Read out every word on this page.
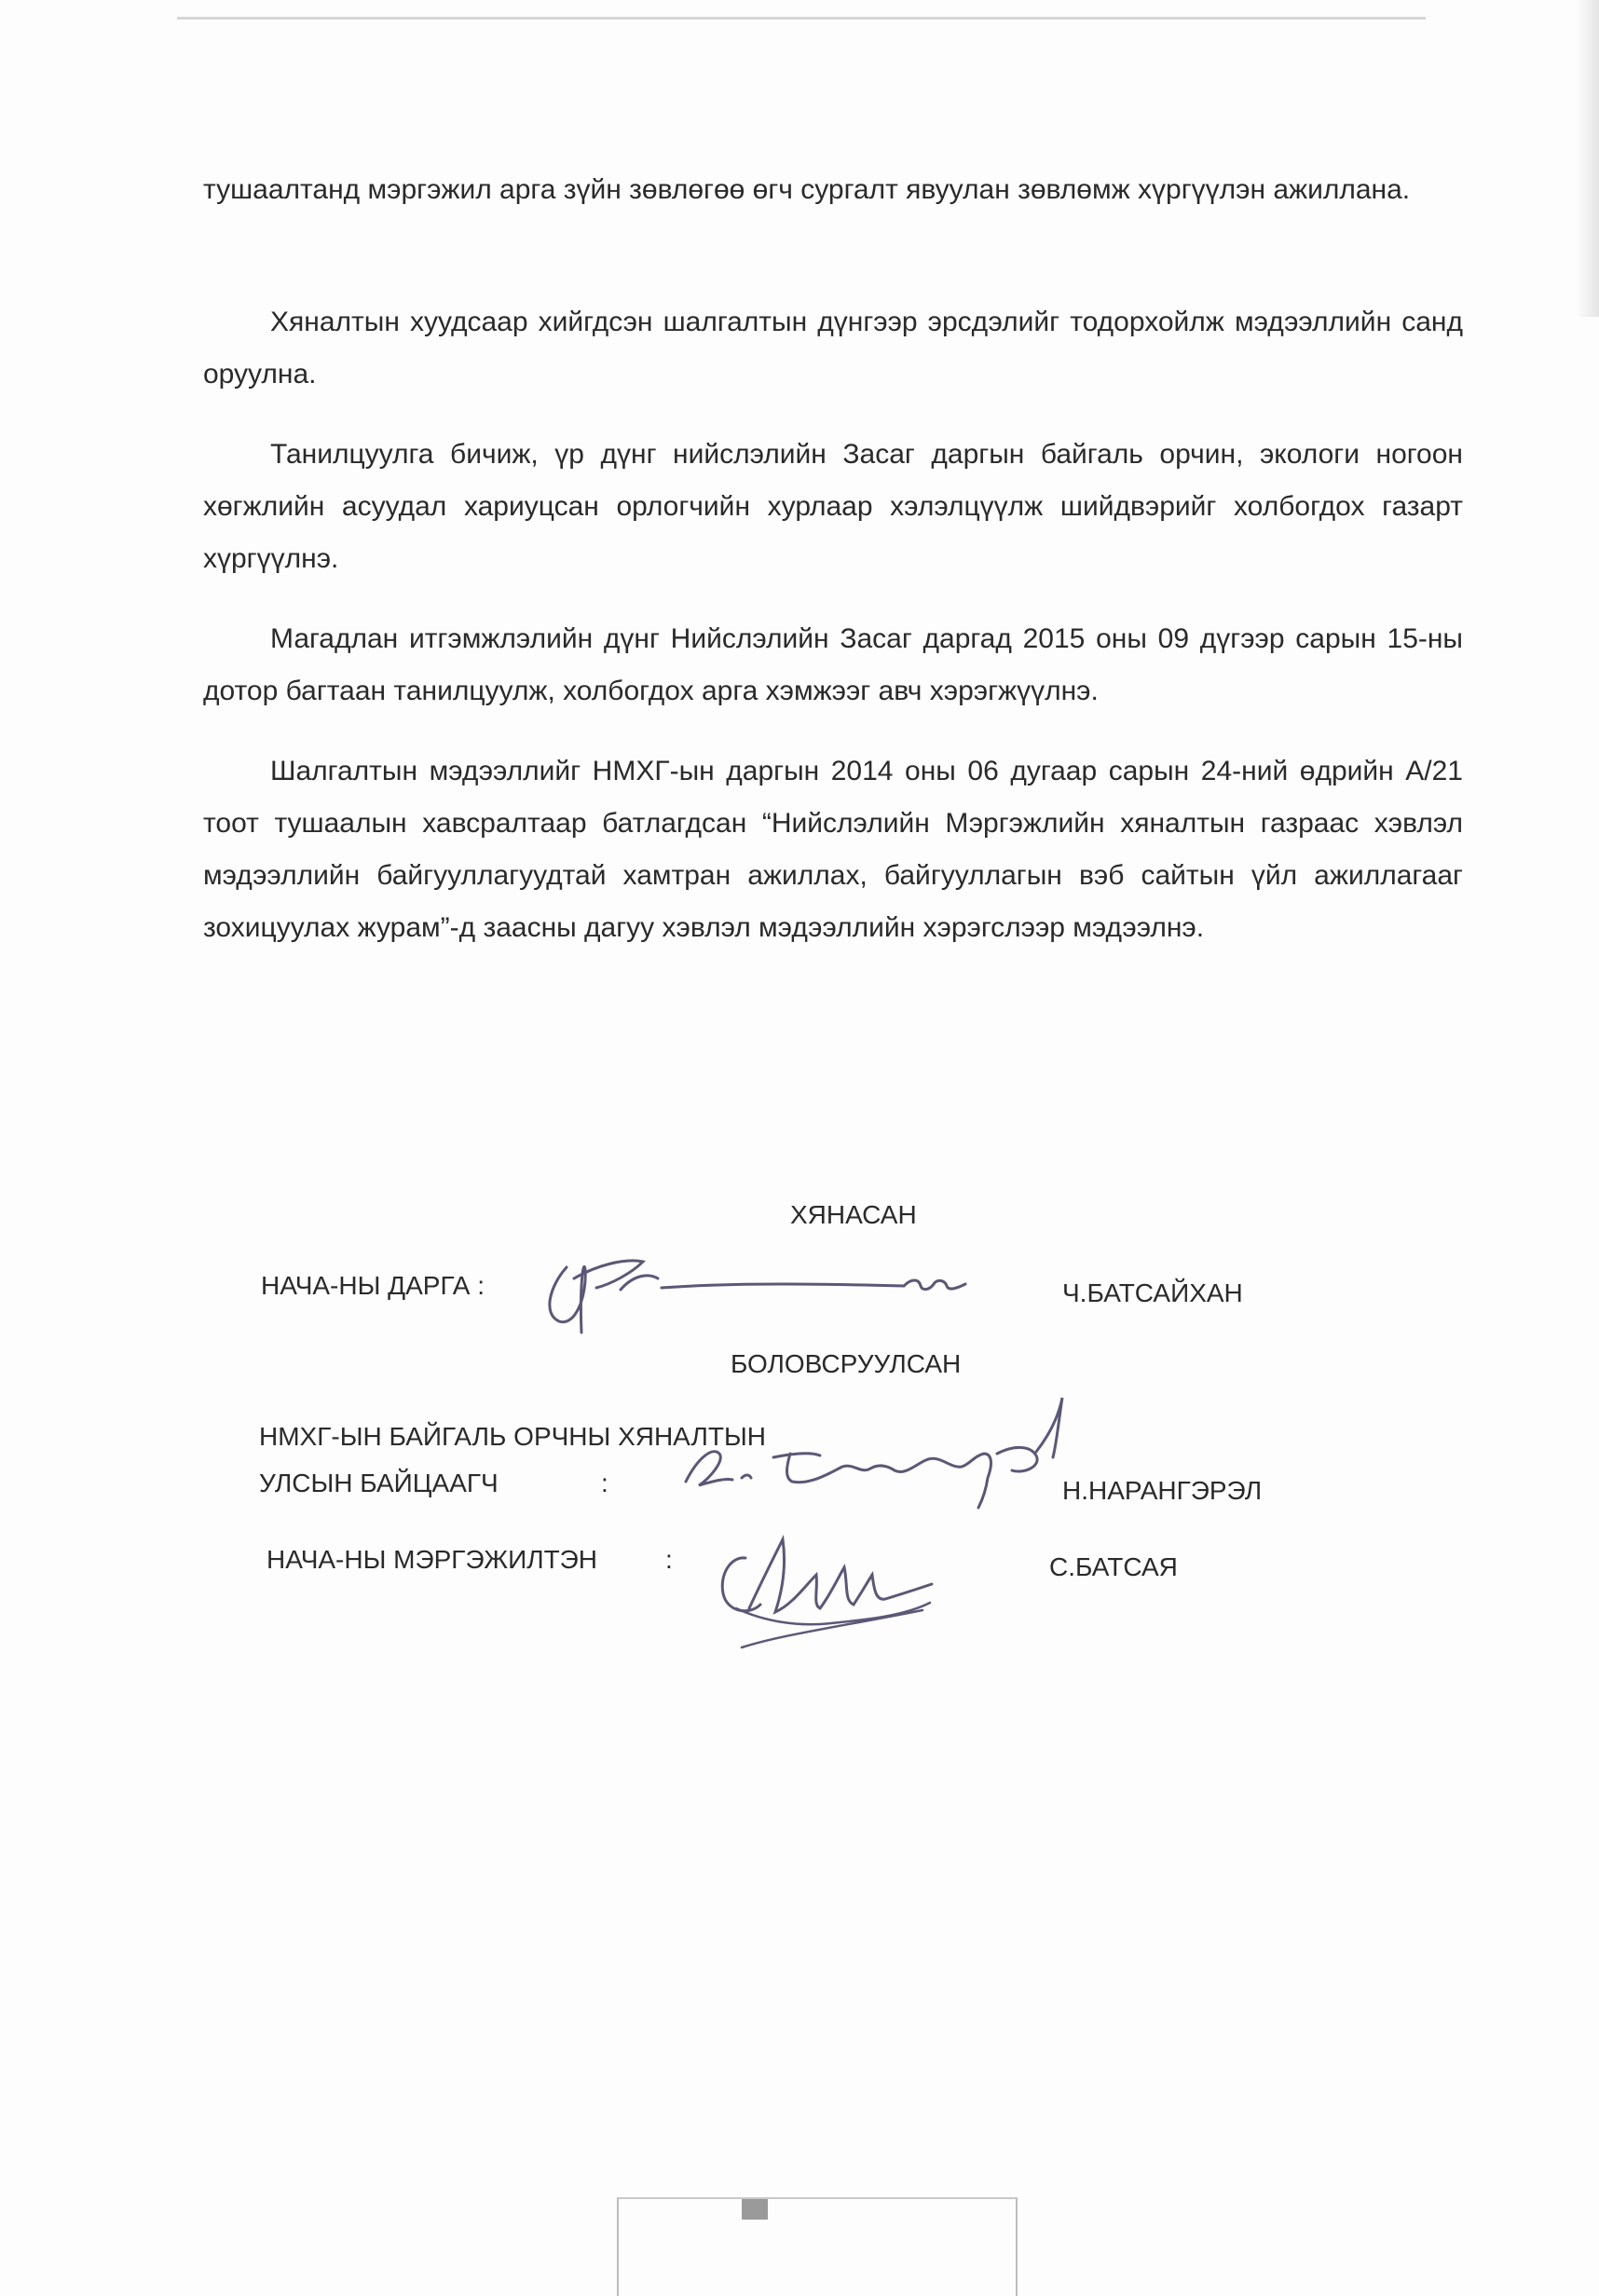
тушаалтанд мэргэжил арга зүйн зөвлөгөө өгч сургалт явуулан зөвлөмж хүргүүлэн ажиллана.

Хяналтын хуудсаар хийгдсэн шалгалтын дүнгээр эрсдэлийг тодорхойлж мэдээллийн санд оруулна.

Танилцуулга бичиж, үр дүнг нийслэлийн Засаг даргын байгаль орчин, экологи ногоон хөгжлийн асуудал хариуцсан орлогчийн хурлаар хэлэлцүүлж шийдвэрийг холбогдох газарт хүргүүлнэ.

Магадлан итгэмжлэлийн дүнг Нийслэлийн Засаг даргад 2015 оны 09 дүгээр сарын 15-ны дотор багтаан танилцуулж, холбогдох арга хэмжээг авч хэрэгжүүлнэ.

Шалгалтын мэдээллийг НМХГ-ын даргын 2014 оны 06 дугаар сарын 24-ний өдрийн А/21 тоот тушаалын хавсралтаар батлагдсан “Нийслэлийн Мэргэжлийн хяналтын газраас хэвлэл мэдээллийн байгууллагуудтай хамтран ажиллах, байгууллагын вэб сайтын үйл ажиллагааг зохицуулах журам”-д заасны дагуу хэвлэл мэдээллийн хэрэгслээр мэдээлнэ.

ХЯНАСАН

НАЧА-НЫ ДАРГА :	Ч.БАТСАЙХАН

БОЛОВСРУУЛСАН

НМХГ-ЫН БАЙГАЛЬ ОРЧНЫ ХЯНАЛТЫН

УЛСЫН БАЙЦААГЧ	:	Н.НАРАНГЭРЭЛ

НАЧА-НЫ МЭРГЭЖИЛТЭН	:	С.БАТСАЯ
